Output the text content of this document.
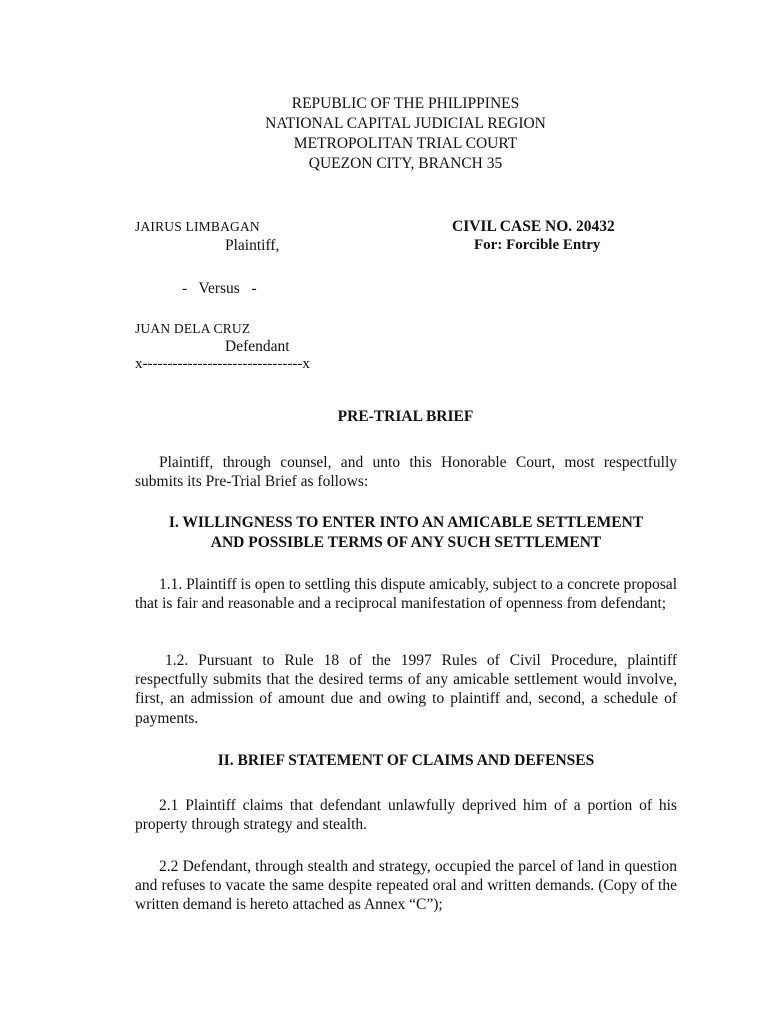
REPUBLIC OF THE PHILIPPINES
NATIONAL CAPITAL JUDICIAL REGION
METROPOLITAN TRIAL COURT
QUEZON CITY, BRANCH 35
JAIRUS LIMBAGAN
Plaintiff,
CIVIL CASE NO. 20432
For: Forcible Entry
-   Versus   -
JUAN DELA CRUZ
Defendant
x--------------------------------x
PRE-TRIAL BRIEF

Plaintiff, through counsel, and unto this Honorable Court, most respectfully submits its Pre-Trial Brief as follows:

I. WILLINGNESS TO ENTER INTO AN AMICABLE SETTLEMENT
AND POSSIBLE TERMS OF ANY SUCH SETTLEMENT

1.1. Plaintiff is open to settling this dispute amicably, subject to a concrete proposal that is fair and reasonable and a reciprocal manifestation of openness from defendant;

1.2. Pursuant to Rule 18 of the 1997 Rules of Civil Procedure, plaintiff respectfully submits that the desired terms of any amicable settlement would involve, first, an admission of amount due and owing to plaintiff and, second, a schedule of payments.

II. BRIEF STATEMENT OF CLAIMS AND DEFENSES

2.1 Plaintiff claims that defendant unlawfully deprived him of a portion of his property through strategy and stealth.

2.2 Defendant, through stealth and strategy, occupied the parcel of land in question and refuses to vacate the same despite repeated oral and written demands. (Copy of the written demand is hereto attached as Annex “C”);
